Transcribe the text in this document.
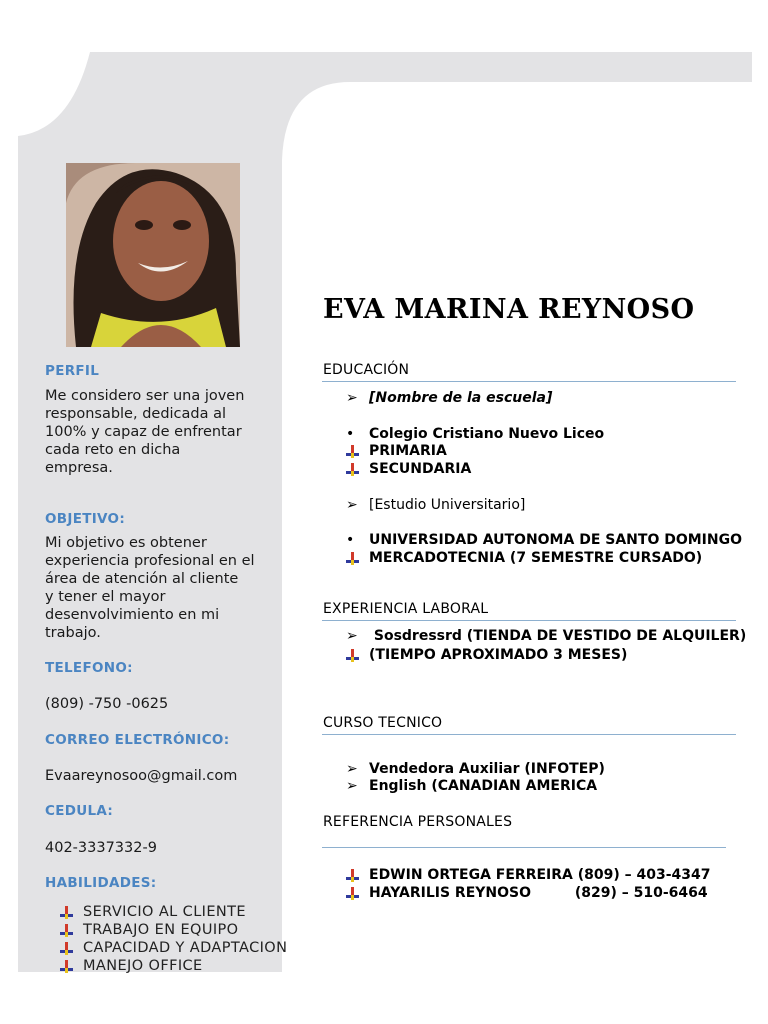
PERFIL
Me considero ser una joven
responsable, dedicada al
100% y capaz de enfrentar
cada reto en dicha
empresa.
OBJETIVO:
Mi objetivo es obtener
experiencia profesional en el
área de atención al cliente
y tener el mayor
desenvolvimiento en mi
trabajo.
TELEFONO:
(809) -750 -0625
CORREO ELECTRÓNICO:
Evaareynosoo@gmail.com
CEDULA:
402-3337332-9
HABILIDADES:
SERVICIO AL CLIENTE
TRABAJO EN EQUIPO
CAPACIDAD Y ADAPTACION
MANEJO OFFICE
EVA MARINA REYNOSO
EDUCACIÓN
➢ [Nombre de la escuela]
•	Colegio Cristiano Nuevo Liceo
PRIMARIA
SECUNDARIA
➢ [Estudio Universitario]
•	UNIVERSIDAD AUTONOMA DE SANTO DOMINGO
MERCADOTECNIA (7 SEMESTRE CURSADO)
EXPERIENCIA LABORAL
➢ Sosdressrd (TIENDA DE VESTIDO DE ALQUILER)
(TIEMPO APROXIMADO 3 MESES)
CURSO TECNICO
➢ Vendedora Auxiliar (INFOTEP)
➢ English (CANADIAN AMERICA
REFERENCIA PERSONALES
EDWIN ORTEGA FERREIRA (809) – 403-4347
HAYARILIS REYNOSO         (829) – 510-6464
